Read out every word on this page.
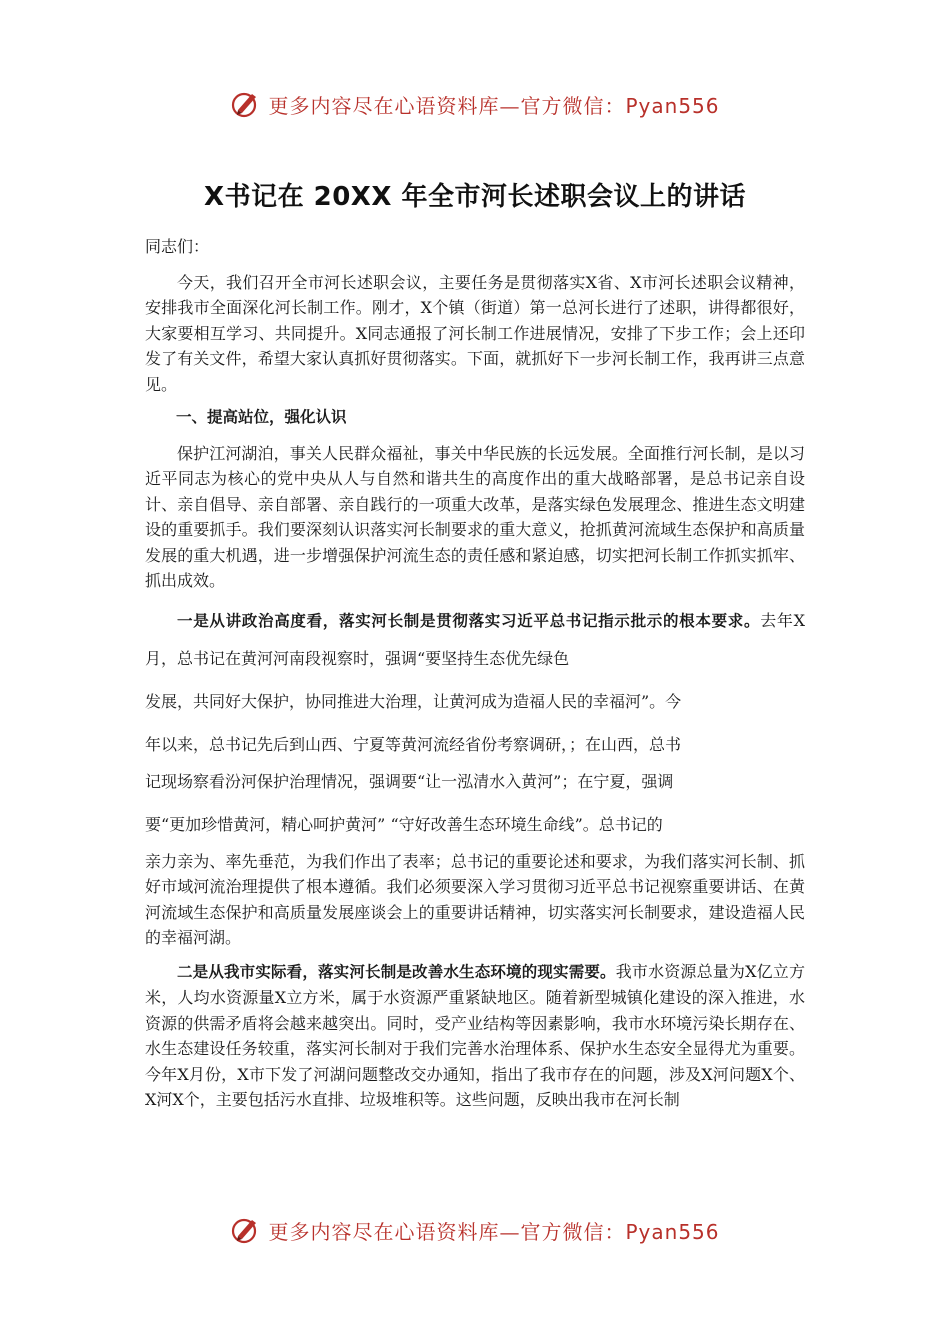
更多内容尽在心语资料库—官方微信：Pyan556
X书记在 20XX 年全市河长述职会议上的讲话

同志们：

今天，我们召开全市河长述职会议，主要任务是贯彻落实X省、X市河长述职会议精神，安排我市全面深化河长制工作。刚才，X个镇（街道）第一总河长进行了述职，讲得都很好，大家要相互学习、共同提升。X同志通报了河长制工作进展情况，安排了下步工作；会上还印发了有关文件，希望大家认真抓好贯彻落实。下面，就抓好下一步河长制工作，我再讲三点意见。

一、提高站位，强化认识

保护江河湖泊，事关人民群众福祉，事关中华民族的长远发展。全面推行河长制，是以习近平同志为核心的党中央从人与自然和谐共生的高度作出的重大战略部署，是总书记亲自设计、亲自倡导、亲自部署、亲自践行的一项重大改革，是落实绿色发展理念、推进生态文明建设的重要抓手。我们要深刻认识落实河长制要求的重大意义，抢抓黄河流域生态保护和高质量发展的重大机遇，进一步增强保护河流生态的责任感和紧迫感，切实把河长制工作抓实抓牢、抓出成效。

一是从讲政治高度看，落实河长制是贯彻落实习近平总书记指示批示的根本要求。去年X月，总书记在黄河河南段视察时，强调“要坚持生态优先绿色

发展，共同好大保护，协同推进大治理，让黄河成为造福人民的幸福河”。今

年以来，总书记先后到山西、宁夏等黄河流经省份考察调研，；在山西，总书

记现场察看汾河保护治理情况，强调要“让一泓清水入黄河”；在宁夏，强调

要“更加珍惜黄河，精心呵护黄河” “守好改善生态环境生命线”。总书记的

亲力亲为、率先垂范，为我们作出了表率；总书记的重要论述和要求，为我们落实河长制、抓好市域河流治理提供了根本遵循。我们必须要深入学习贯彻习近平总书记视察重要讲话、在黄河流域生态保护和高质量发展座谈会上的重要讲话精神，切实落实河长制要求，建设造福人民的幸福河湖。

二是从我市实际看，落实河长制是改善水生态环境的现实需要。我市水资源总量为X亿立方米，人均水资源量X立方米，属于水资源严重紧缺地区。随着新型城镇化建设的深入推进，水资源的供需矛盾将会越来越突出。同时，受产业结构等因素影响，我市水环境污染长期存在、水生态建设任务较重，落实河长制对于我们完善水治理体系、保护水生态安全显得尤为重要。今年X月份，X市下发了河湖问题整改交办通知，指出了我市存在的问题，涉及X河问题X个、X河X个，主要包括污水直排、垃圾堆积等。这些问题，反映出我市在河长制

更多内容尽在心语资料库—官方微信：Pyan556
